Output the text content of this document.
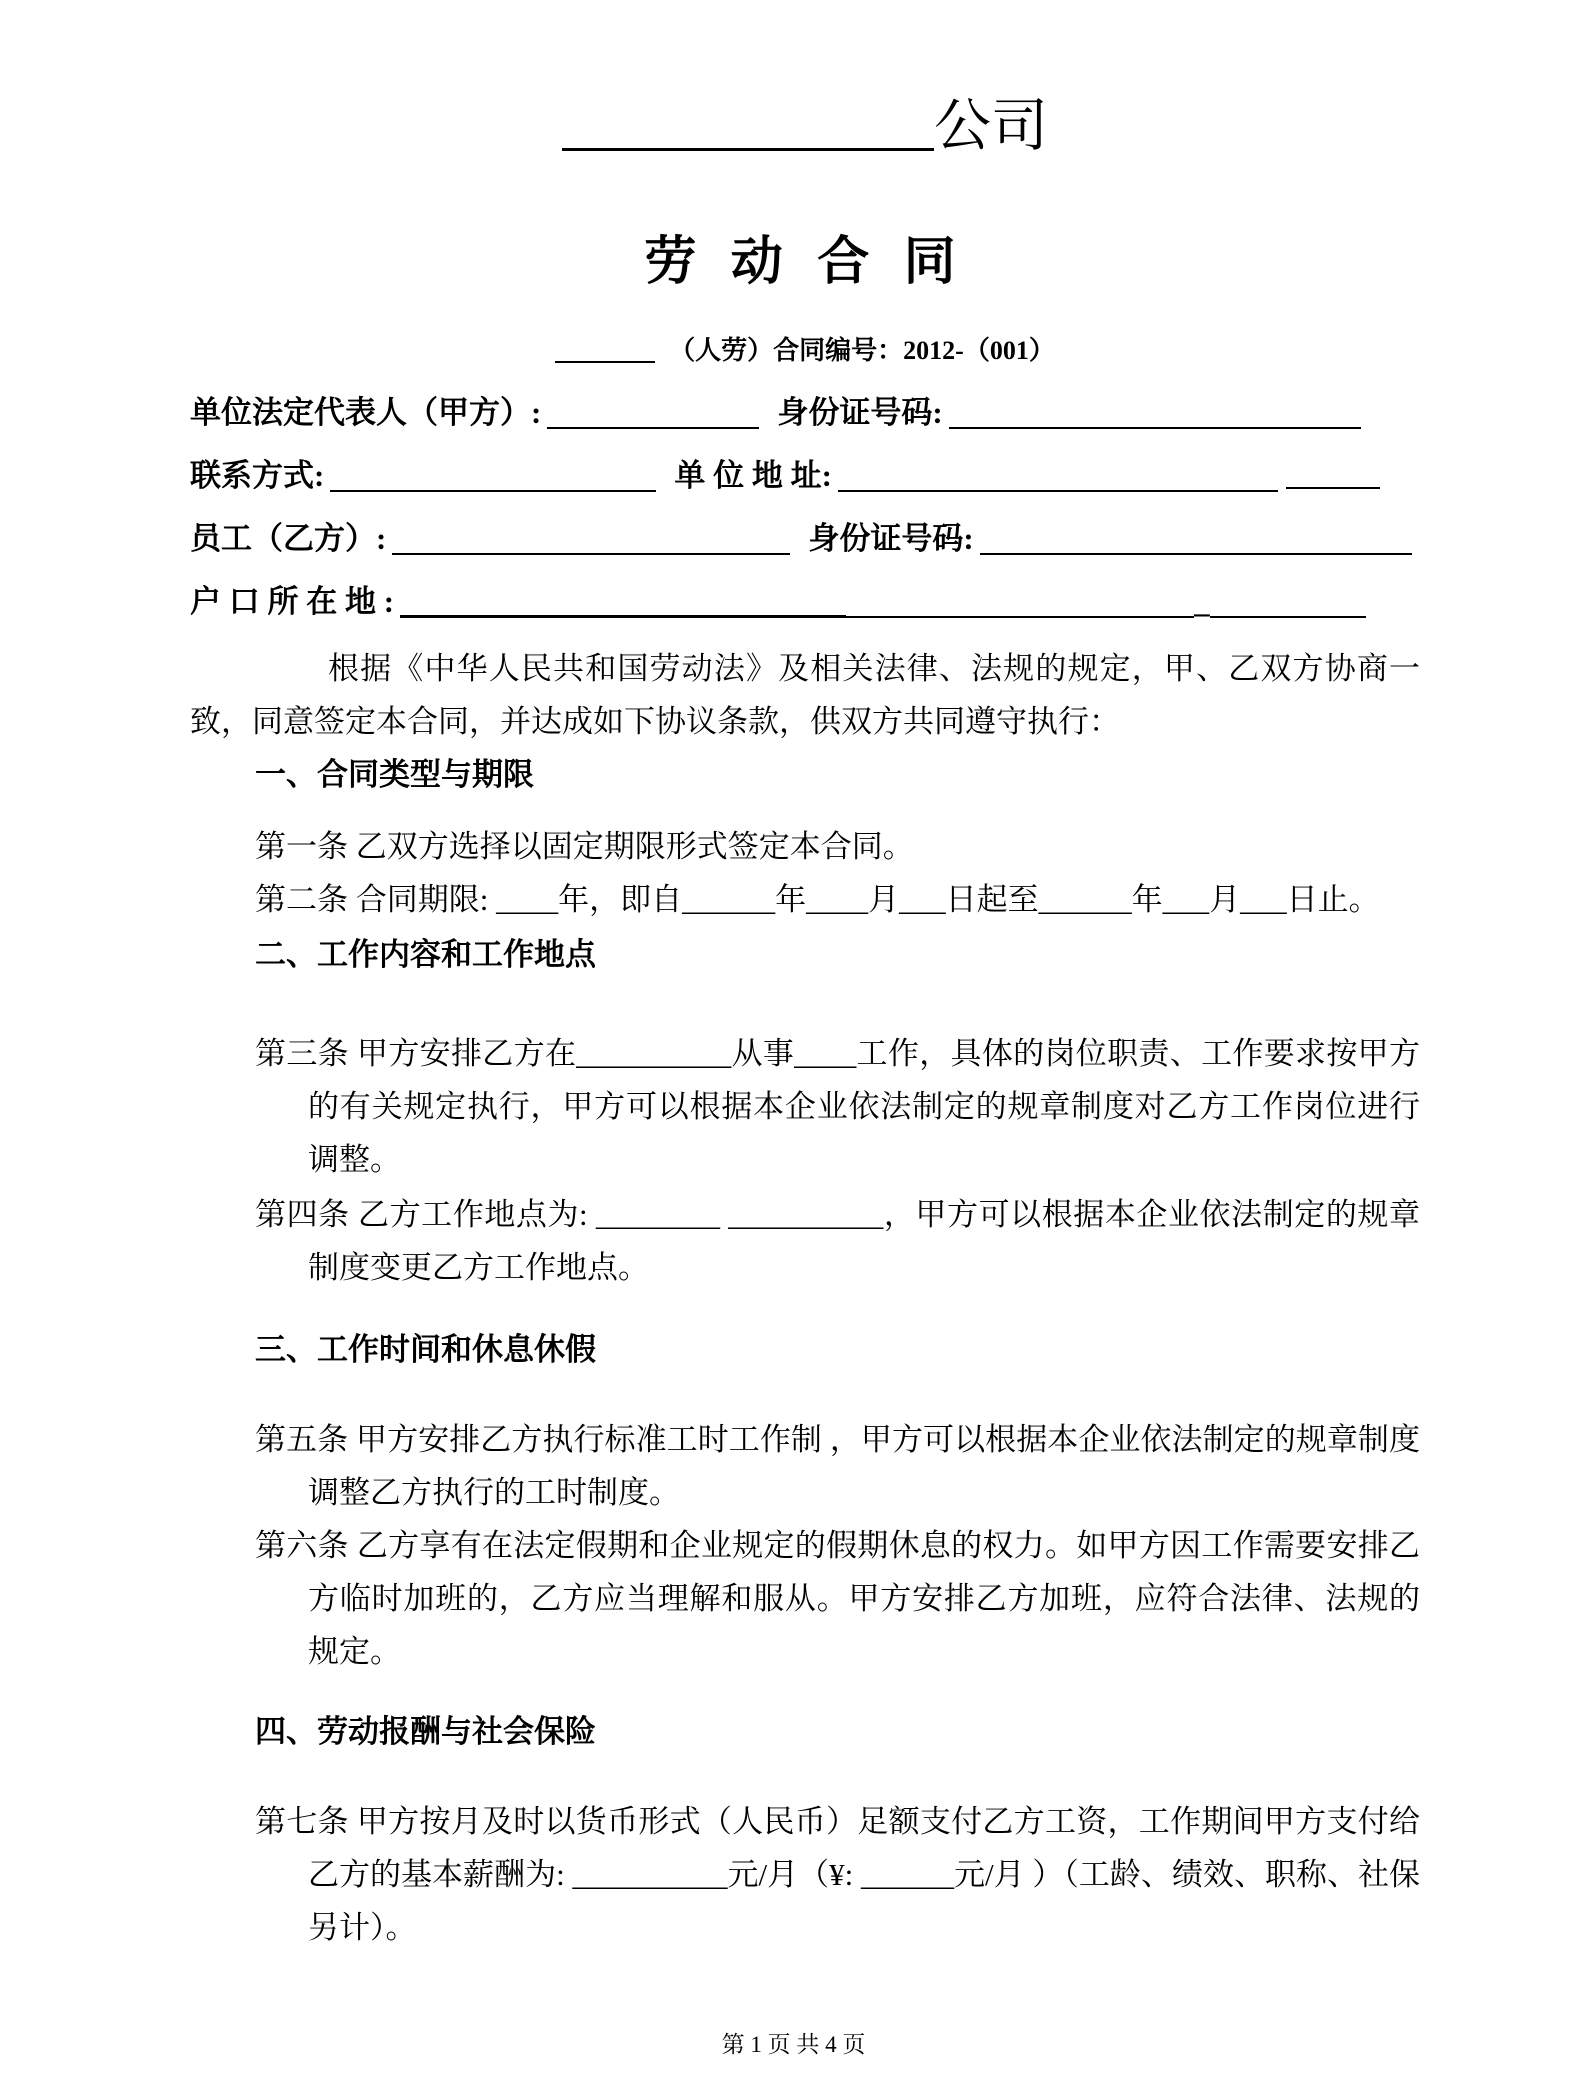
公司
劳 动 合 同
（人劳）合同编号：2012-（001）
单位法定代表人（甲方）:	身份证号码:
联系方式:	单 位 地 址:
员工（乙方）:	身份证号码:
户 口 所 在 地 :	_

根据《中华人民共和国劳动法》及相关法律、法规的规定，甲、乙双方协商一致，同意签定本合同，并达成如下协议条款，供双方共同遵守执行：

一、合同类型与期限

第一条 乙双方选择以固定期限形式签定本合同。

第二条 合同期限: ____年，即自______年____月___日起至______年___月___日止。

二、工作内容和工作地点

第三条 甲方安排乙方在__________从事____工作，具体的岗位职责、工作要求按甲方的有关规定执行，甲方可以根据本企业依法制定的规章制度对乙方工作岗位进行调整。

第四条 乙方工作地点为: ________ __________，甲方可以根据本企业依法制定的规章制度变更乙方工作地点。

三、工作时间和休息休假

第五条 甲方安排乙方执行标准工时工作制 ，甲方可以根据本企业依法制定的规章制度调整乙方执行的工时制度。

第六条 乙方享有在法定假期和企业规定的假期休息的权力。如甲方因工作需要安排乙方临时加班的，乙方应当理解和服从。甲方安排乙方加班，应符合法律、法规的规定。

四、劳动报酬与社会保险

第七条 甲方按月及时以货币形式（人民币）足额支付乙方工资，工作期间甲方支付给乙方的基本薪酬为: __________元/月（¥: ______元/月 ）（工龄、绩效、职称、社保另计）。

第 1 页 共 4 页
